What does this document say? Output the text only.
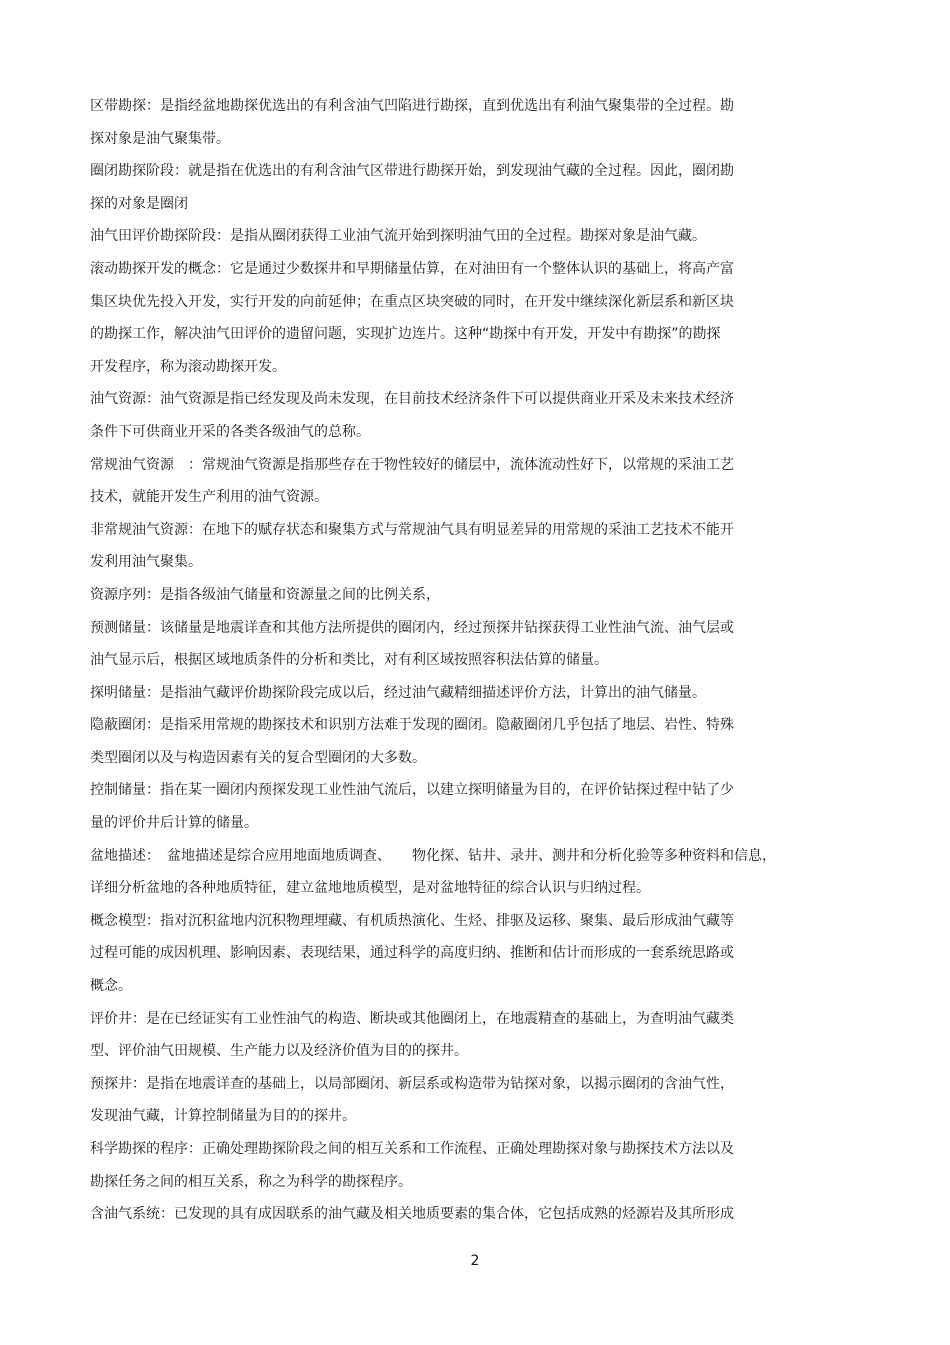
区带勘探：是指经盆地勘探优选出的有利含油气凹陷进行勘探，直到优选出有利油气聚集带的全过程。勘
探对象是油气聚集带。
圈闭勘探阶段：就是指在优选出的有利含油气区带进行勘探开始，到发现油气藏的全过程。因此，圈闭勘
探的对象是圈闭
油气田评价勘探阶段：是指从圈闭获得工业油气流开始到探明油气田的全过程。勘探对象是油气藏。
滚动勘探开发的概念：它是通过少数探井和早期储量估算，在对油田有一个整体认识的基础上，将高产富
集区块优先投入开发，实行开发的向前延伸；在重点区块突破的同时，在开发中继续深化新层系和新区块
的勘探工作，解决油气田评价的遗留问题，实现扩边连片。这种“勘探中有开发，开发中有勘探”的勘探
开发程序，称为滚动勘探开发。
油气资源：油气资源是指已经发现及尚未发现，在目前技术经济条件下可以提供商业开采及未来技术经济
条件下可供商业开采的各类各级油气的总称。
常规油气资源　：常规油气资源是指那些存在于物性较好的储层中，流体流动性好下，以常规的采油工艺
技术，就能开发生产利用的油气资源。
非常规油气资源：在地下的赋存状态和聚集方式与常规油气具有明显差异的用常规的采油工艺技术不能开
发利用油气聚集。
资源序列：是指各级油气储量和资源量之间的比例关系，
预测储量：该储量是地震详查和其他方法所提供的圈闭内，经过预探井钻探获得工业性油气流、油气层或
油气显示后，根据区域地质条件的分析和类比，对有利区域按照容积法估算的储量。
探明储量：是指油气藏评价勘探阶段完成以后，经过油气藏精细描述评价方法，计算出的油气储量。
隐蔽圈闭：是指采用常规的勘探技术和识别方法难于发现的圈闭。隐蔽圈闭几乎包括了地层、岩性、特殊
类型圈闭以及与构造因素有关的复合型圈闭的大多数。
控制储量：指在某一圈闭内预探发现工业性油气流后，以建立探明储量为目的，在评价钻探过程中钻了少
量的评价井后计算的储量。
盆地描述：　盆地描述是综合应用地面地质调查、　　物化探、钻井、录井、测井和分析化验等多种资料和信息，
详细分析盆地的各种地质特征，建立盆地地质模型，是对盆地特征的综合认识与归纳过程。
概念模型：指对沉积盆地内沉积物理埋藏、有机质热演化、生烃、排驱及运移、聚集、最后形成油气藏等
过程可能的成因机理、影响因素、表现结果，通过科学的高度归纳、推断和估计而形成的一套系统思路或
概念。
评价井：是在已经证实有工业性油气的构造、断块或其他圈闭上，在地震精查的基础上，为查明油气藏类
型、评价油气田规模、生产能力以及经济价值为目的的探井。
预探井：是指在地震详查的基础上，以局部圈闭、新层系或构造带为钻探对象，以揭示圈闭的含油气性，
发现油气藏，计算控制储量为目的的探井。
科学勘探的程序：正确处理勘探阶段之间的相互关系和工作流程、正确处理勘探对象与勘探技术方法以及
勘探任务之间的相互关系，称之为科学的勘探程序。
含油气系统：已发现的具有成因联系的油气藏及相关地质要素的集合体，它包括成熟的烃源岩及其所形成
2
